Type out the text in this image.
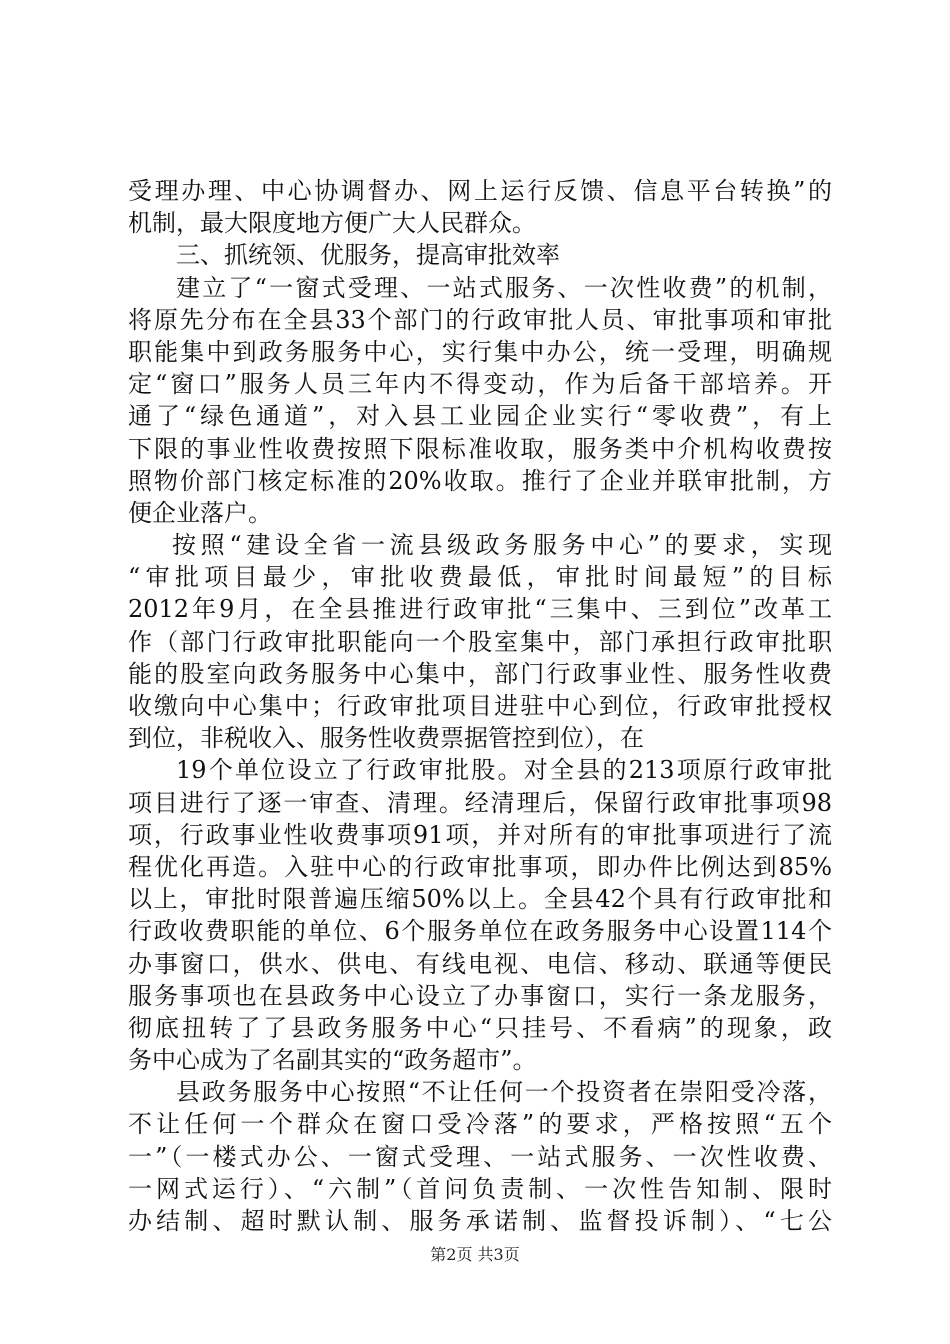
受理办理、中心协调督办、网上运行反馈、信息平台转换”的
机制，最大限度地方便广大人民群众。
三、抓统领、优服务，提高审批效率
建立了“一窗式受理、一站式服务、一次性收费”的机制，
将原先分布在全县33个部门的行政审批人员、审批事项和审批
职能集中到政务服务中心，实行集中办公，统一受理，明确规
定“窗口”服务人员三年内不得变动，作为后备干部培养。开
通了“绿色通道”，对入县工业园企业实行“零收费”，有上
下限的事业性收费按照下限标准收取，服务类中介机构收费按
照物价部门核定标准的20%收取。推行了企业并联审批制，方
便企业落户。
按照“建设全省一流县级政务服务中心”的要求，实现
“审批项目最少，审批收费最低，审批时间最短”的目标
2012年9月，在全县推进行政审批“三集中、三到位”改革工
作（部门行政审批职能向一个股室集中，部门承担行政审批职
能的股室向政务服务中心集中，部门行政事业性、服务性收费
收缴向中心集中；行政审批项目进驻中心到位，行政审批授权
到位，非税收入、服务性收费票据管控到位），在
19个单位设立了行政审批股。对全县的213项原行政审批
项目进行了逐一审查、清理。经清理后，保留行政审批事项98
项，行政事业性收费事项91项，并对所有的审批事项进行了流
程优化再造。入驻中心的行政审批事项，即办件比例达到85%
以上，审批时限普遍压缩50%以上。全县42个具有行政审批和
行政收费职能的单位、6个服务单位在政务服务中心设置114个
办事窗口，供水、供电、有线电视、电信、移动、联通等便民
服务事项也在县政务中心设立了办事窗口，实行一条龙服务，
彻底扭转了了县政务服务中心“只挂号、不看病”的现象，政
务中心成为了名副其实的“政务超市”。
县政务服务中心按照“不让任何一个投资者在崇阳受冷落，
不让任何一个群众在窗口受冷落”的要求，严格按照“五个
一”（一楼式办公、一窗式受理、一站式服务、一次性收费、
一网式运行）、“六制”（首问负责制、一次性告知制、限时
办结制、超时默认制、服务承诺制、监督投诉制）、“七公
第2页 共3页
